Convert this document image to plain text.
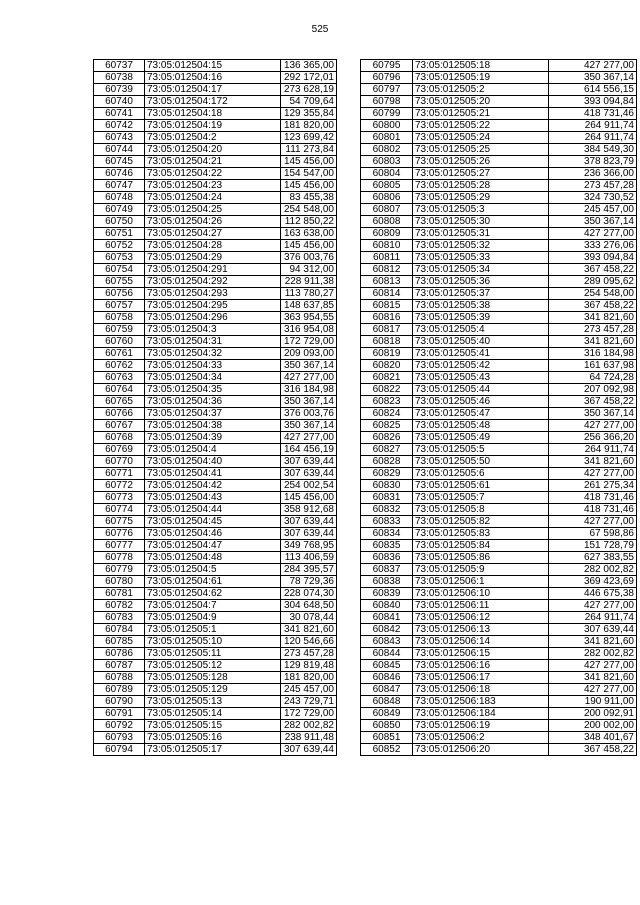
525
60737	73:05:012504:15	136 365,00
60738	73:05:012504:16	292 172,01
60739	73:05:012504:17	273 628,19
60740	73:05:012504:172	54 709,64
60741	73:05:012504:18	129 355,84
60742	73:05:012504:19	181 820,00
60743	73:05:012504:2	123 699,42
60744	73:05:012504:20	111 273,84
60745	73:05:012504:21	145 456,00
60746	73:05:012504:22	154 547,00
60747	73:05:012504:23	145 456,00
60748	73:05:012504:24	83 455,38
60749	73:05:012504:25	254 548,00
60750	73:05:012504:26	112 850,22
60751	73:05:012504:27	163 638,00
60752	73:05:012504:28	145 456,00
60753	73:05:012504:29	376 003,76
60754	73:05:012504:291	94 312,00
60755	73:05:012504:292	228 911,38
60756	73:05:012504:293	113 780,27
60757	73:05:012504:295	148 637,85
60758	73:05:012504:296	363 954,55
60759	73:05:012504:3	316 954,08
60760	73:05:012504:31	172 729,00
60761	73:05:012504:32	209 093,00
60762	73:05:012504:33	350 367,14
60763	73:05:012504:34	427 277,00
60764	73:05:012504:35	316 184,98
60765	73:05:012504:36	350 367,14
60766	73:05:012504:37	376 003,76
60767	73:05:012504:38	350 367,14
60768	73:05:012504:39	427 277,00
60769	73:05:012504:4	164 456,19
60770	73:05:012504:40	307 639,44
60771	73:05:012504:41	307 639,44
60772	73:05:012504:42	254 002,54
60773	73:05:012504:43	145 456,00
60774	73:05:012504:44	358 912,68
60775	73:05:012504:45	307 639,44
60776	73:05:012504:46	307 639,44
60777	73:05:012504:47	349 768,95
60778	73:05:012504:48	113 406,59
60779	73:05:012504:5	284 395,57
60780	73:05:012504:61	78 729,36
60781	73:05:012504:62	228 074,30
60782	73:05:012504:7	304 648,50
60783	73:05:012504:9	30 078,44
60784	73:05:012505:1	341 821,60
60785	73:05:012505:10	120 546,66
60786	73:05:012505:11	273 457,28
60787	73:05:012505:12	129 819,48
60788	73:05:012505:128	181 820,00
60789	73:05:012505:129	245 457,00
60790	73:05:012505:13	243 729,71
60791	73:05:012505:14	172 729,00
60792	73:05:012505:15	282 002,82
60793	73:05:012505:16	238 911,48
60794	73:05:012505:17	307 639,44
60795	73:05:012505:18	427 277,00
60796	73:05:012505:19	350 367,14
60797	73:05:012505:2	614 556,15
60798	73:05:012505:20	393 094,84
60799	73:05:012505:21	418 731,46
60800	73:05:012505:22	264 911,74
60801	73:05:012505:24	264 911,74
60802	73:05:012505:25	384 549,30
60803	73:05:012505:26	378 823,79
60804	73:05:012505:27	236 366,00
60805	73:05:012505:28	273 457,28
60806	73:05:012505:29	324 730,52
60807	73:05:012505:3	245 457,00
60808	73:05:012505:30	350 367,14
60809	73:05:012505:31	427 277,00
60810	73:05:012505:32	333 276,06
60811	73:05:012505:33	393 094,84
60812	73:05:012505:34	367 458,22
60813	73:05:012505:36	289 095,62
60814	73:05:012505:37	254 548,00
60815	73:05:012505:38	367 458,22
60816	73:05:012505:39	341 821,60
60817	73:05:012505:4	273 457,28
60818	73:05:012505:40	341 821,60
60819	73:05:012505:41	316 184,98
60820	73:05:012505:42	161 637,98
60821	73:05:012505:43	64 724,28
60822	73:05:012505:44	207 092,98
60823	73:05:012505:46	367 458,22
60824	73:05:012505:47	350 367,14
60825	73:05:012505:48	427 277,00
60826	73:05:012505:49	256 366,20
60827	73:05:012505:5	264 911,74
60828	73:05:012505:50	341 821,60
60829	73:05:012505:6	427 277,00
60830	73:05:012505:61	261 275,34
60831	73:05:012505:7	418 731,46
60832	73:05:012505:8	418 731,46
60833	73:05:012505:82	427 277,00
60834	73:05:012505:83	67 598,86
60835	73:05:012505:84	151 728,79
60836	73:05:012505:86	627 383,55
60837	73:05:012505:9	282 002,82
60838	73:05:012506:1	369 423,69
60839	73:05:012506:10	446 675,38
60840	73:05:012506:11	427 277,00
60841	73:05:012506:12	264 911,74
60842	73:05:012506:13	307 639,44
60843	73:05:012506:14	341 821,60
60844	73:05:012506:15	282 002,82
60845	73:05:012506:16	427 277,00
60846	73:05:012506:17	341 821,60
60847	73:05:012506:18	427 277,00
60848	73:05:012506:183	190 911,00
60849	73:05:012506:184	200 092,91
60850	73:05:012506:19	200 002,00
60851	73:05:012506:2	348 401,67
60852	73:05:012506:20	367 458,22
